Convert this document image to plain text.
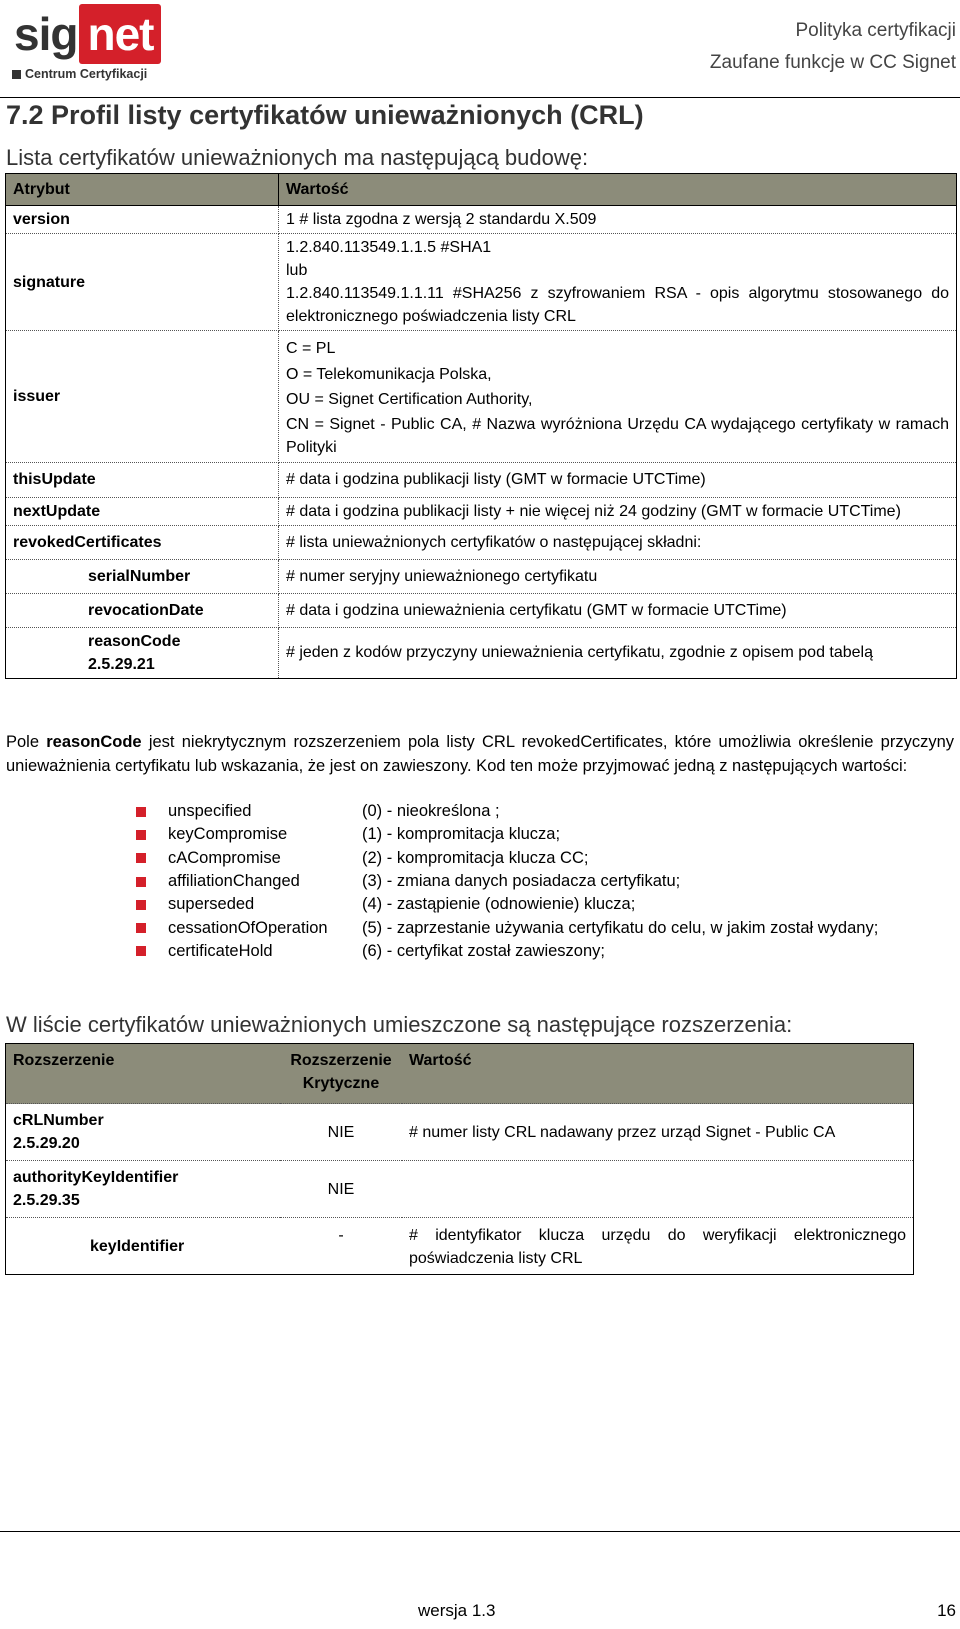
sig net
Centrum Certyfikacji
Polityka certyfikacji
Zaufane funkcje w CC Signet
7.2 Profil listy certyfikatów unieważnionych (CRL)
Lista certyfikatów unieważnionych ma następującą budowę:
Atrybut	Wartość
version	1 # lista zgodna z wersją 2 standardu X.509
signature	1.2.840.113549.1.1.5 #SHA1
lub
1.2.840.113549.1.1.11 #SHA256 z szyfrowaniem RSA - opis algorytmu stosowanego do elektronicznego poświadczenia listy CRL

issuer	C = PL
O = Telekomunikacja Polska,
OU = Signet Certification Authority,
CN = Signet - Public CA, # Nazwa wyróżniona Urzędu CA wydającego certyfikaty w ramach Polityki

thisUpdate	# data i godzina publikacji listy (GMT w formacie UTCTime)
nextUpdate	# data i godzina publikacji listy + nie więcej niż 24 godziny (GMT w formacie UTCTime)
revokedCertificates	# lista unieważnionych certyfikatów o następującej składni:
serialNumber	# numer seryjny unieważnionego certyfikatu
revocationDate	# data i godzina unieważnienia certyfikatu (GMT w formacie UTCTime)

reasonCode
2.5.29.21	# jeden z kodów przyczyny unieważnienia certyfikatu, zgodnie z opisem pod tabelą
Pole reasonCode jest niekrytycznym rozszerzeniem pola listy CRL revokedCertificates, które umożliwia określenie przyczyny unieważnienia certyfikatu lub wskazania, że jest on zawieszony. Kod ten może przyjmować jedną z następujących wartości:
unspecified	(0) - nieokreślona ;
keyCompromise	(1) - kompromitacja klucza;
cACompromise	(2) - kompromitacja klucza CC;
affiliationChanged	(3) - zmiana danych posiadacza certyfikatu;
superseded	(4) - zastąpienie (odnowienie) klucza;
cessationOfOperation	(5) - zaprzestanie używania certyfikatu do celu, w jakim został wydany;
certificateHold	(6) - certyfikat został zawieszony;
W liście certyfikatów unieważnionych umieszczone są następujące rozszerzenia:
Rozszerzenie	Rozszerzenie Krytyczne	Wartość

cRLNumber
2.5.29.20	NIE	# numer listy CRL nadawany przez urząd Signet - Public CA

authorityKeyIdentifier
2.5.29.35	NIE	
keyIdentifier	-	# identyfikator klucza urzędu do weryfikacji elektronicznego poświadczenia listy CRL
wersja 1.3	16
